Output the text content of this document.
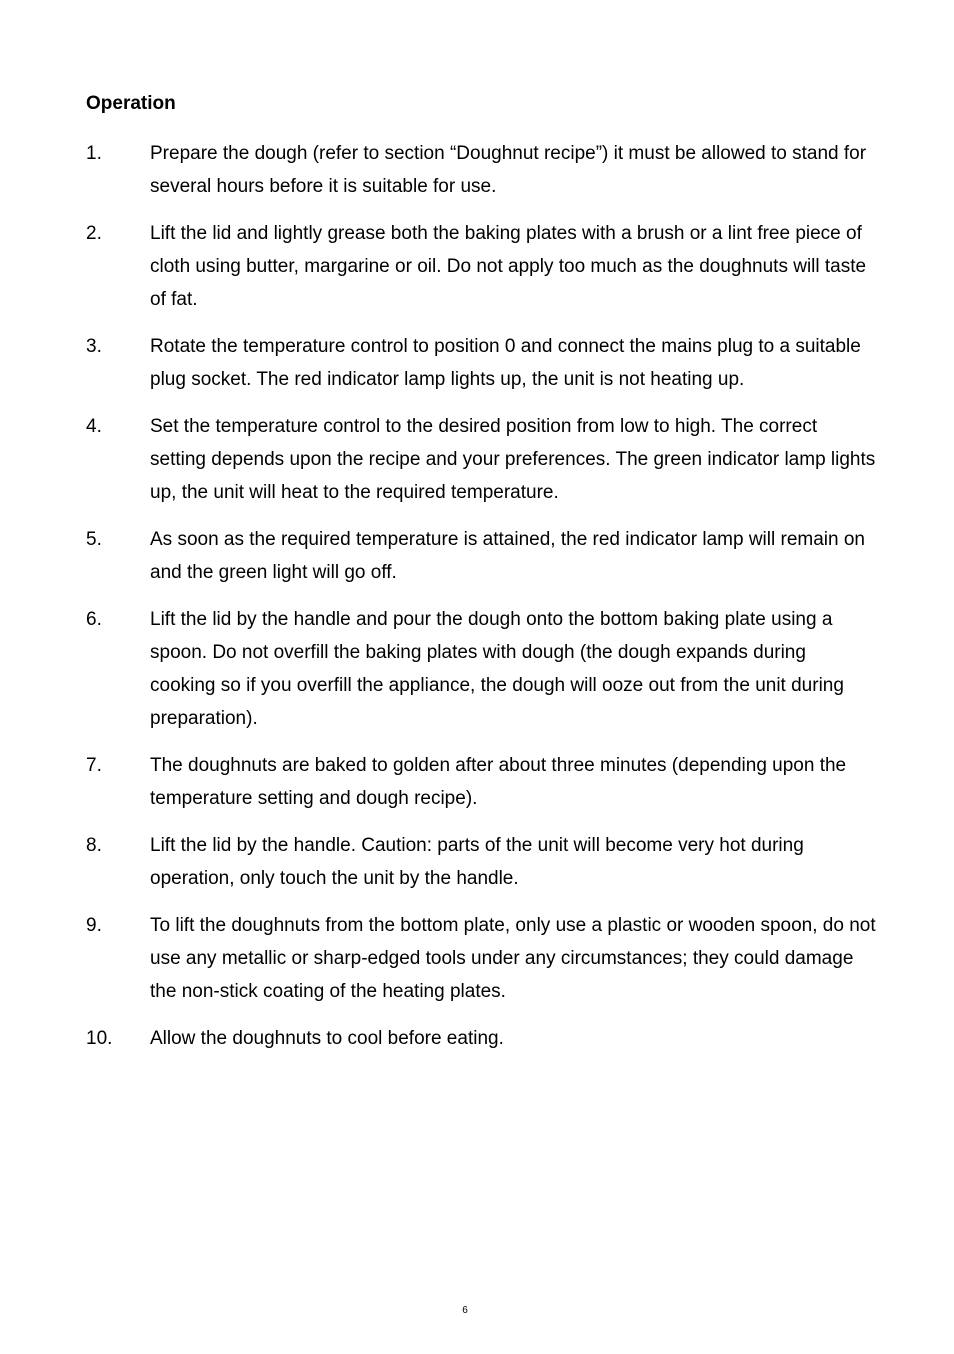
Operation
1.	Prepare the dough (refer to section “Doughnut recipe”) it must be allowed to stand for several hours before it is suitable for use.
2.	Lift the lid and lightly grease both the baking plates with a brush or a lint free piece of cloth using butter, margarine or oil. Do not apply too much as the doughnuts will taste of fat.
3.	Rotate the temperature control to position 0 and connect the mains plug to a suitable plug socket. The red indicator lamp lights up, the unit is not heating up.
4.	Set the temperature control to the desired position from low to high. The correct setting depends upon the recipe and your preferences. The green indicator lamp lights up, the unit will heat to the required temperature.
5.	As soon as the required temperature is attained, the red indicator lamp will remain on and the green light will go off.
6.	Lift the lid by the handle and pour the dough onto the bottom baking plate using a spoon. Do not overfill the baking plates with dough (the dough expands during cooking so if you overfill the appliance, the dough will ooze out from the unit during preparation).
7.	The doughnuts are baked to golden after about three minutes (depending upon the temperature setting and dough recipe).
8.	Lift the lid by the handle. Caution: parts of the unit will become very hot during operation, only touch the unit by the handle.
9.	To lift the doughnuts from the bottom plate, only use a plastic or wooden spoon, do not use any metallic or sharp-edged tools under any circumstances; they could damage the non-stick coating of the heating plates.
10. Allow the doughnuts to cool before eating.
6
